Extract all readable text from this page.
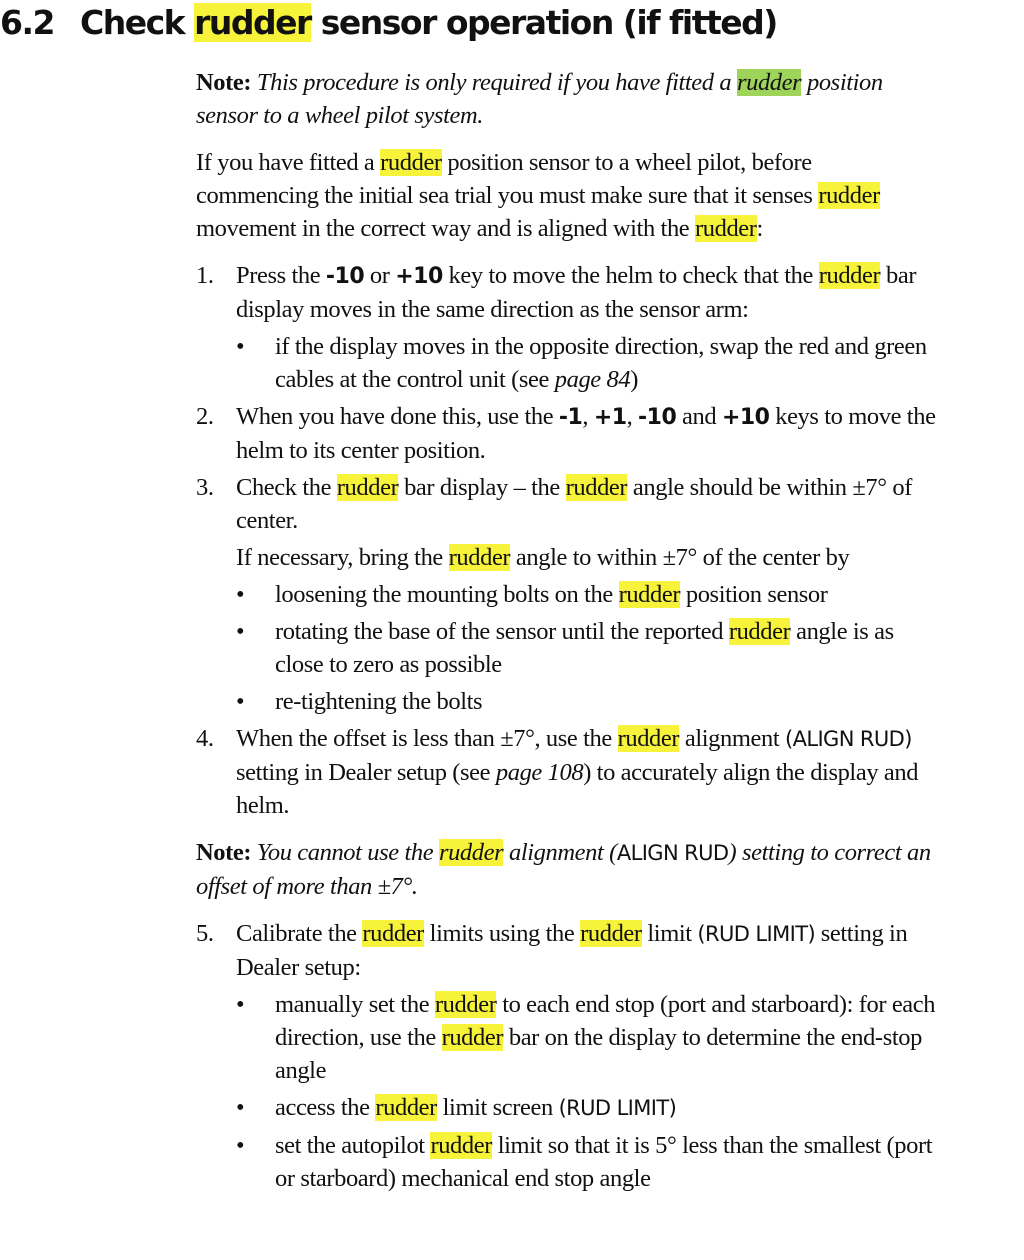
6.2 Check rudder sensor operation (if fitted)

Note: This procedure is only required if you have fitted a rudder position sensor to a wheel pilot system.

If you have fitted a rudder position sensor to a wheel pilot, before commencing the initial sea trial you must make sure that it senses rudder movement in the correct way and is aligned with the rudder:

1. Press the -10 or +10 key to move the helm to check that the rudder bar display moves in the same direction as the sensor arm:
• if the display moves in the opposite direction, swap the red and green cables at the control unit (see page 84)
2. When you have done this, use the -1, +1, -10 and +10 keys to move the helm to its center position.
3. Check the rudder bar display – the rudder angle should be within ±7° of center.

If necessary, bring the rudder angle to within ±7° of the center by

• loosening the mounting bolts on the rudder position sensor
• rotating the base of the sensor until the reported rudder angle is as close to zero as possible
• re-tightening the bolts
4. When the offset is less than ±7°, use the rudder alignment (ALIGN RUD) setting in Dealer setup (see page 108) to accurately align the display and helm.

Note: You cannot use the rudder alignment (ALIGN RUD) setting to correct an offset of more than ±7°.

5. Calibrate the rudder limits using the rudder limit (RUD LIMIT) setting in Dealer setup:
• manually set the rudder to each end stop (port and starboard): for each direction, use the rudder bar on the display to determine the end-stop angle
• access the rudder limit screen (RUD LIMIT)
• set the autopilot rudder limit so that it is 5° less than the smallest (port or starboard) mechanical end stop angle
